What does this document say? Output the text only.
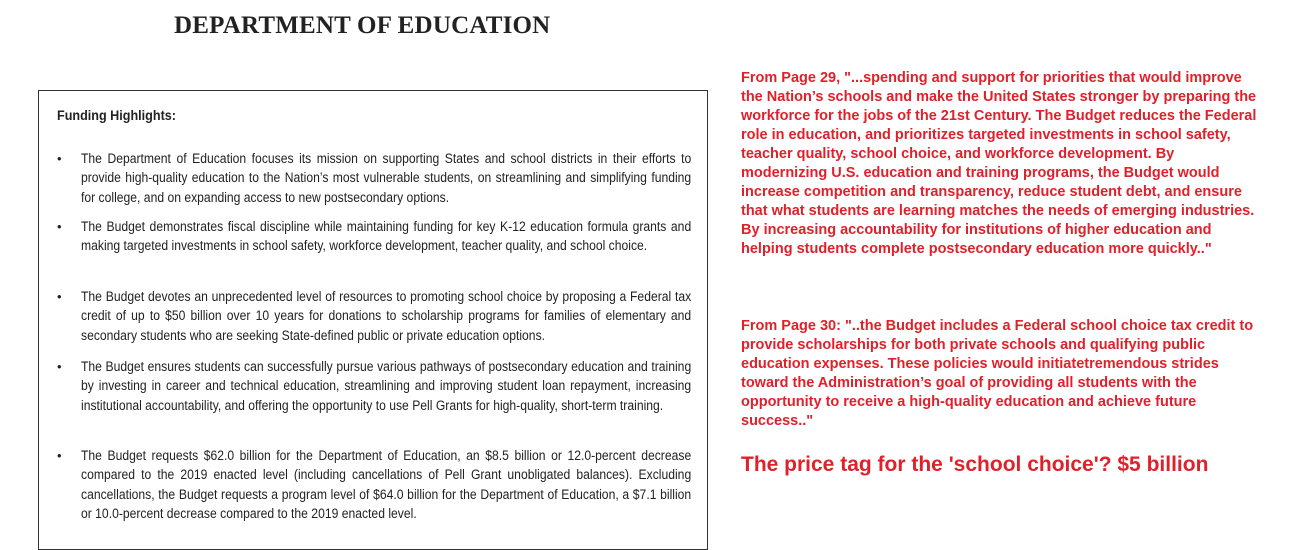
DEPARTMENT OF EDUCATION

Funding Highlights:

• The Department of Education focuses its mission on supporting States and school districts in their efforts to provide high-quality education to the Nation’s most vulnerable students, on streamlining and simplifying funding for college, and on expanding access to new postsecondary options.
• The Budget demonstrates fiscal discipline while maintaining funding for key K-12 education formula grants and making targeted investments in school safety, workforce development, teacher quality, and school choice.
• The Budget devotes an unprecedented level of resources to promoting school choice by proposing a Federal tax credit of up to $50 billion over 10 years for donations to scholarship programs for families of elementary and secondary students who are seeking State-defined public or private education options.
• The Budget ensures students can successfully pursue various pathways of postsecondary education and training by investing in career and technical education, streamlining and improving student loan repayment, increasing institutional accountability, and offering the opportunity to use Pell Grants for high-quality, short-term training.
• The Budget requests $62.0 billion for the Department of Education, an $8.5 billion or 12.0-percent decrease compared to the 2019 enacted level (including cancellations of Pell Grant unobligated balances). Excluding cancellations, the Budget requests a program level of $64.0 billion for the Department of Education, a $7.1 billion or 10.0-percent decrease compared to the 2019 enacted level.

From Page 29, "...spending and support for priorities that would improve the Nation’s schools and make the United States stronger by preparing the workforce for the jobs of the 21st Century. The Budget reduces the Federal role in education, and prioritizes targeted investments in school safety, teacher quality, school choice, and workforce development. By modernizing U.S. education and training programs, the Budget would increase competition and transparency, reduce student debt, and ensure that what students are learning matches the needs of emerging industries. By increasing accountability for institutions of higher education and helping students complete postsecondary education more quickly.."

From Page 30: "..the Budget includes a Federal school choice tax credit to provide scholarships for both private schools and qualifying public education expenses. These policies would initiatetremendous strides toward the Administration’s goal of providing all students with the opportunity to receive a high-quality education and achieve future success.."

The price tag for the 'school choice'? $5 billion
